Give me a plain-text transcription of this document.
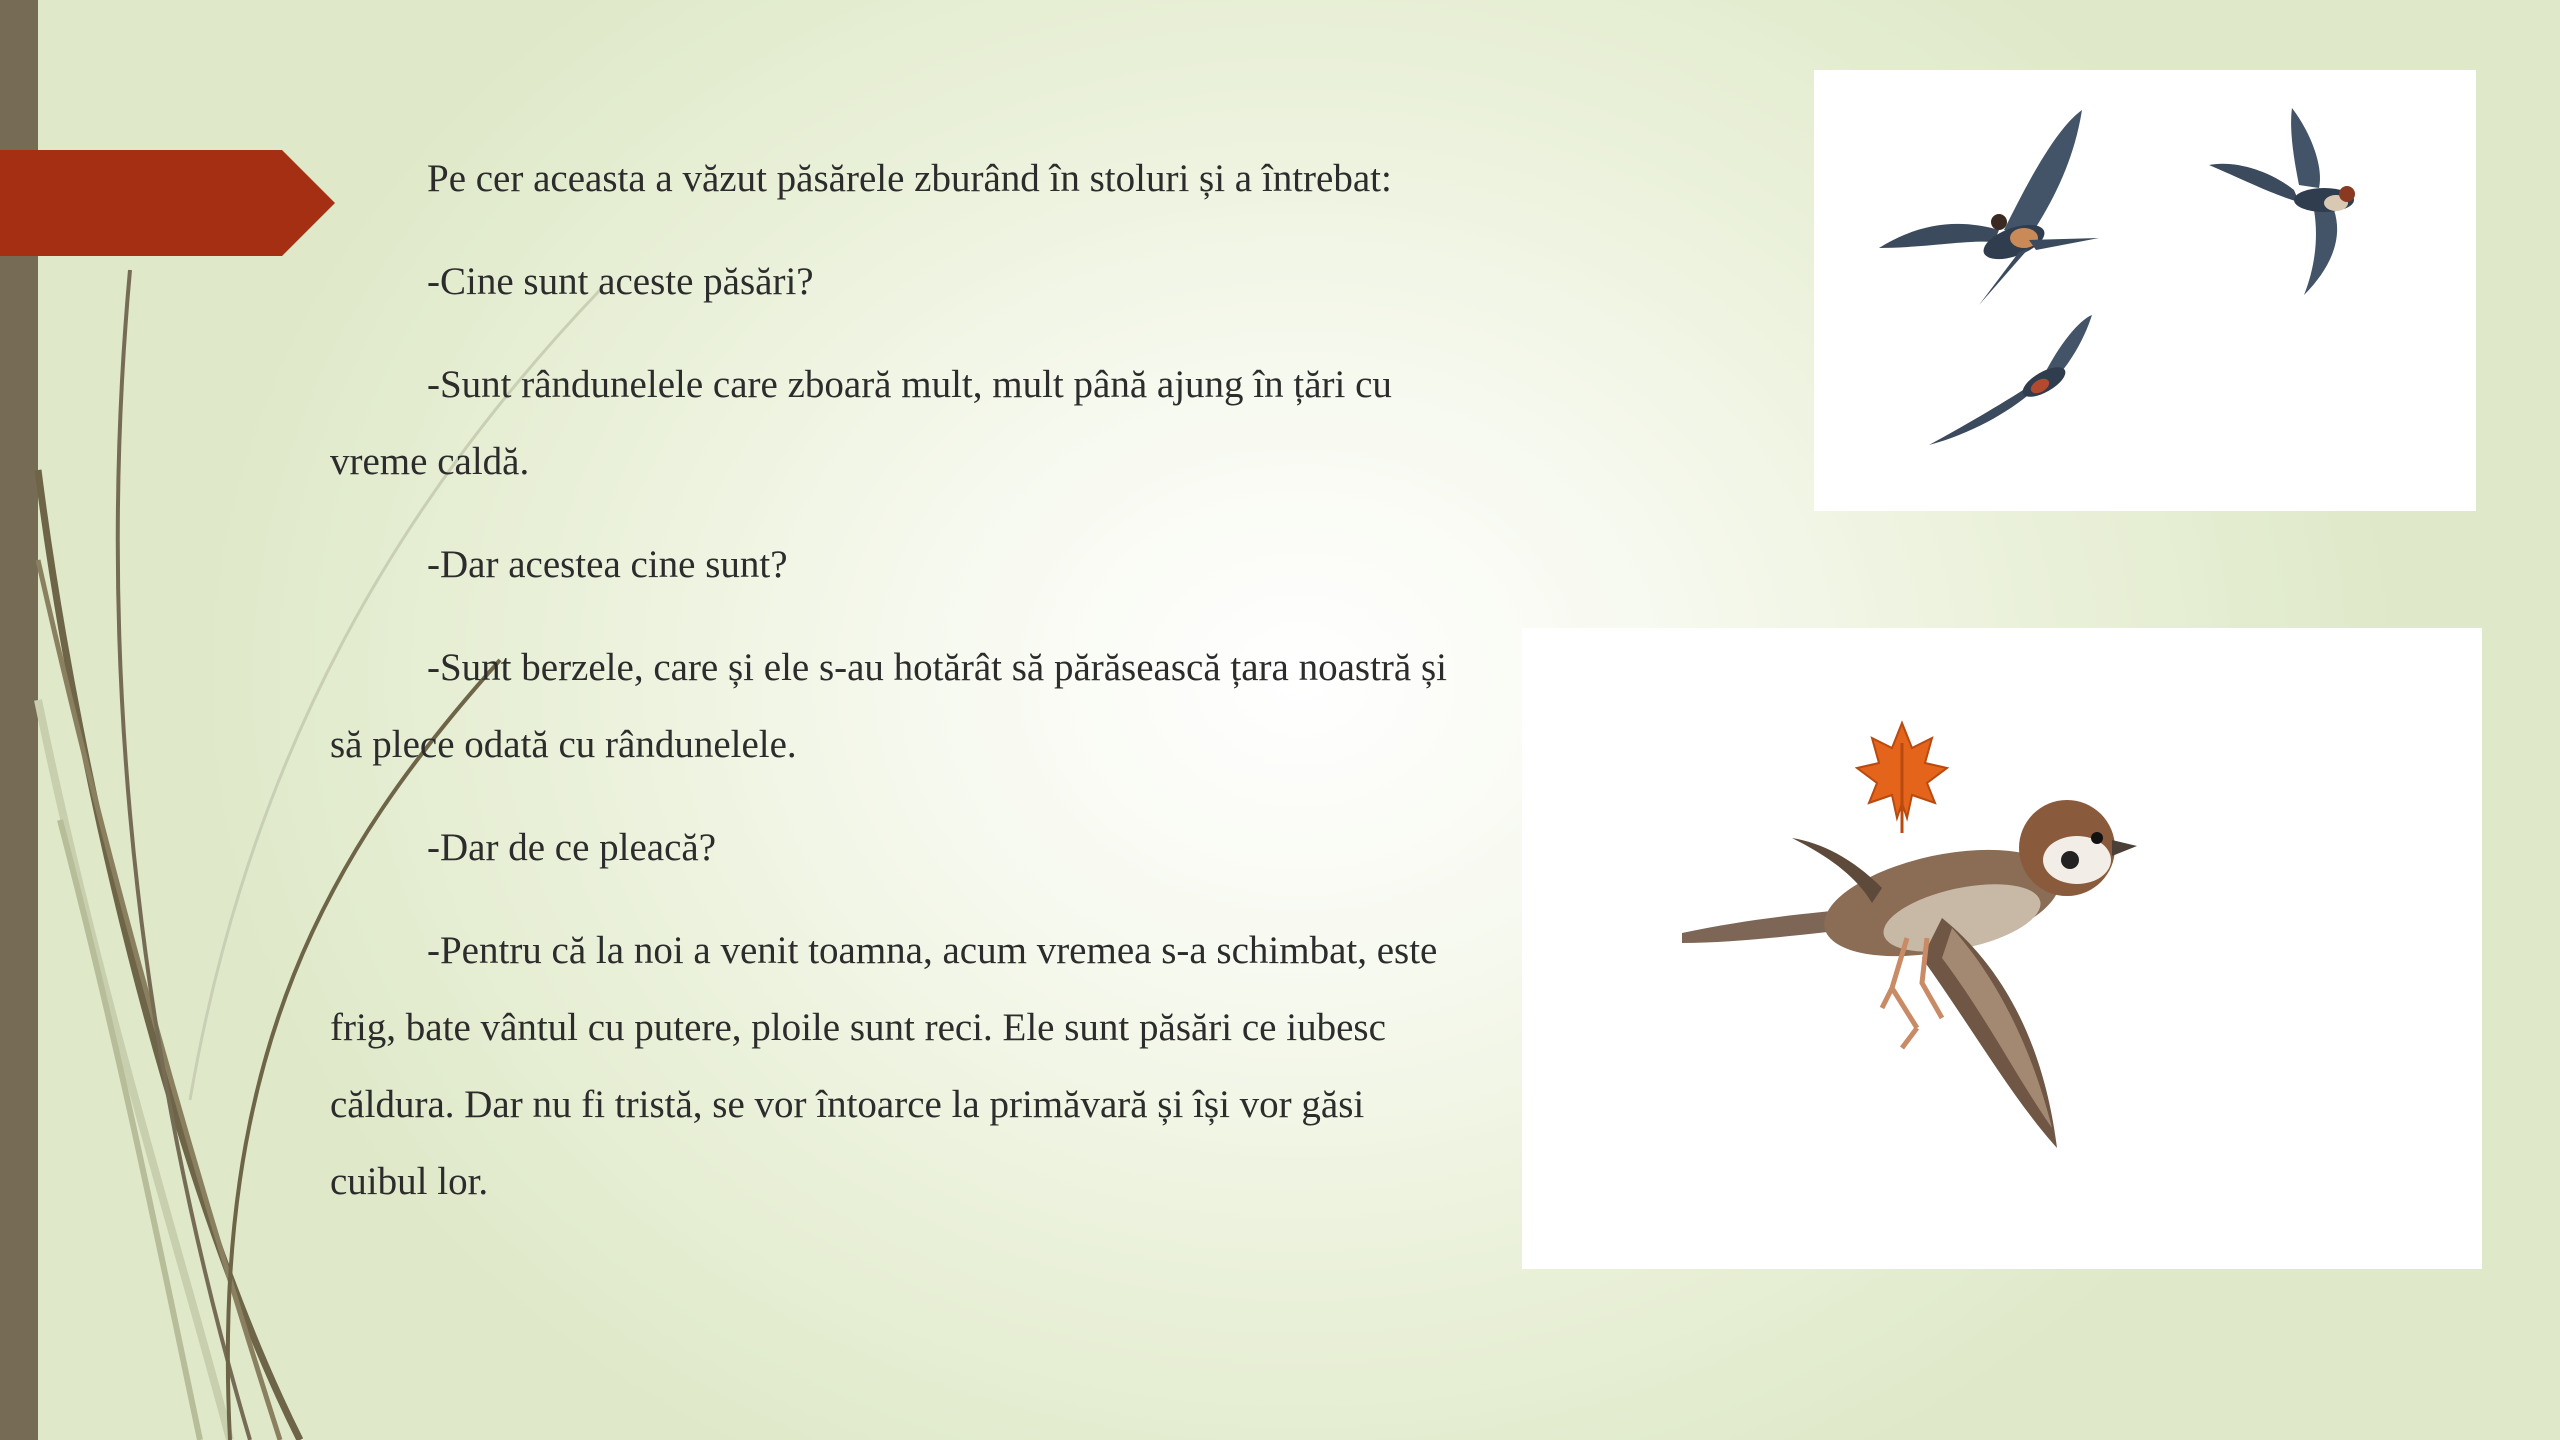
Pe cer aceasta a văzut păsărele zburând în stoluri și a întrebat:

-Cine sunt aceste păsări?

-Sunt rândunelele care zboară mult, mult până ajung în țări cu vreme caldă.

-Dar acestea cine sunt?

-Sunt berzele, care și ele s-au hotărât să părăsească țara noastră și să plece odată cu rândunelele.

-Dar de ce pleacă?

-Pentru că la noi a venit toamna, acum vremea s-a schimbat, este frig, bate vântul cu putere, ploile sunt reci. Ele sunt păsări ce iubesc căldura. Dar nu fi tristă, se vor întoarce la primăvară și își vor găsi cuibul lor.
